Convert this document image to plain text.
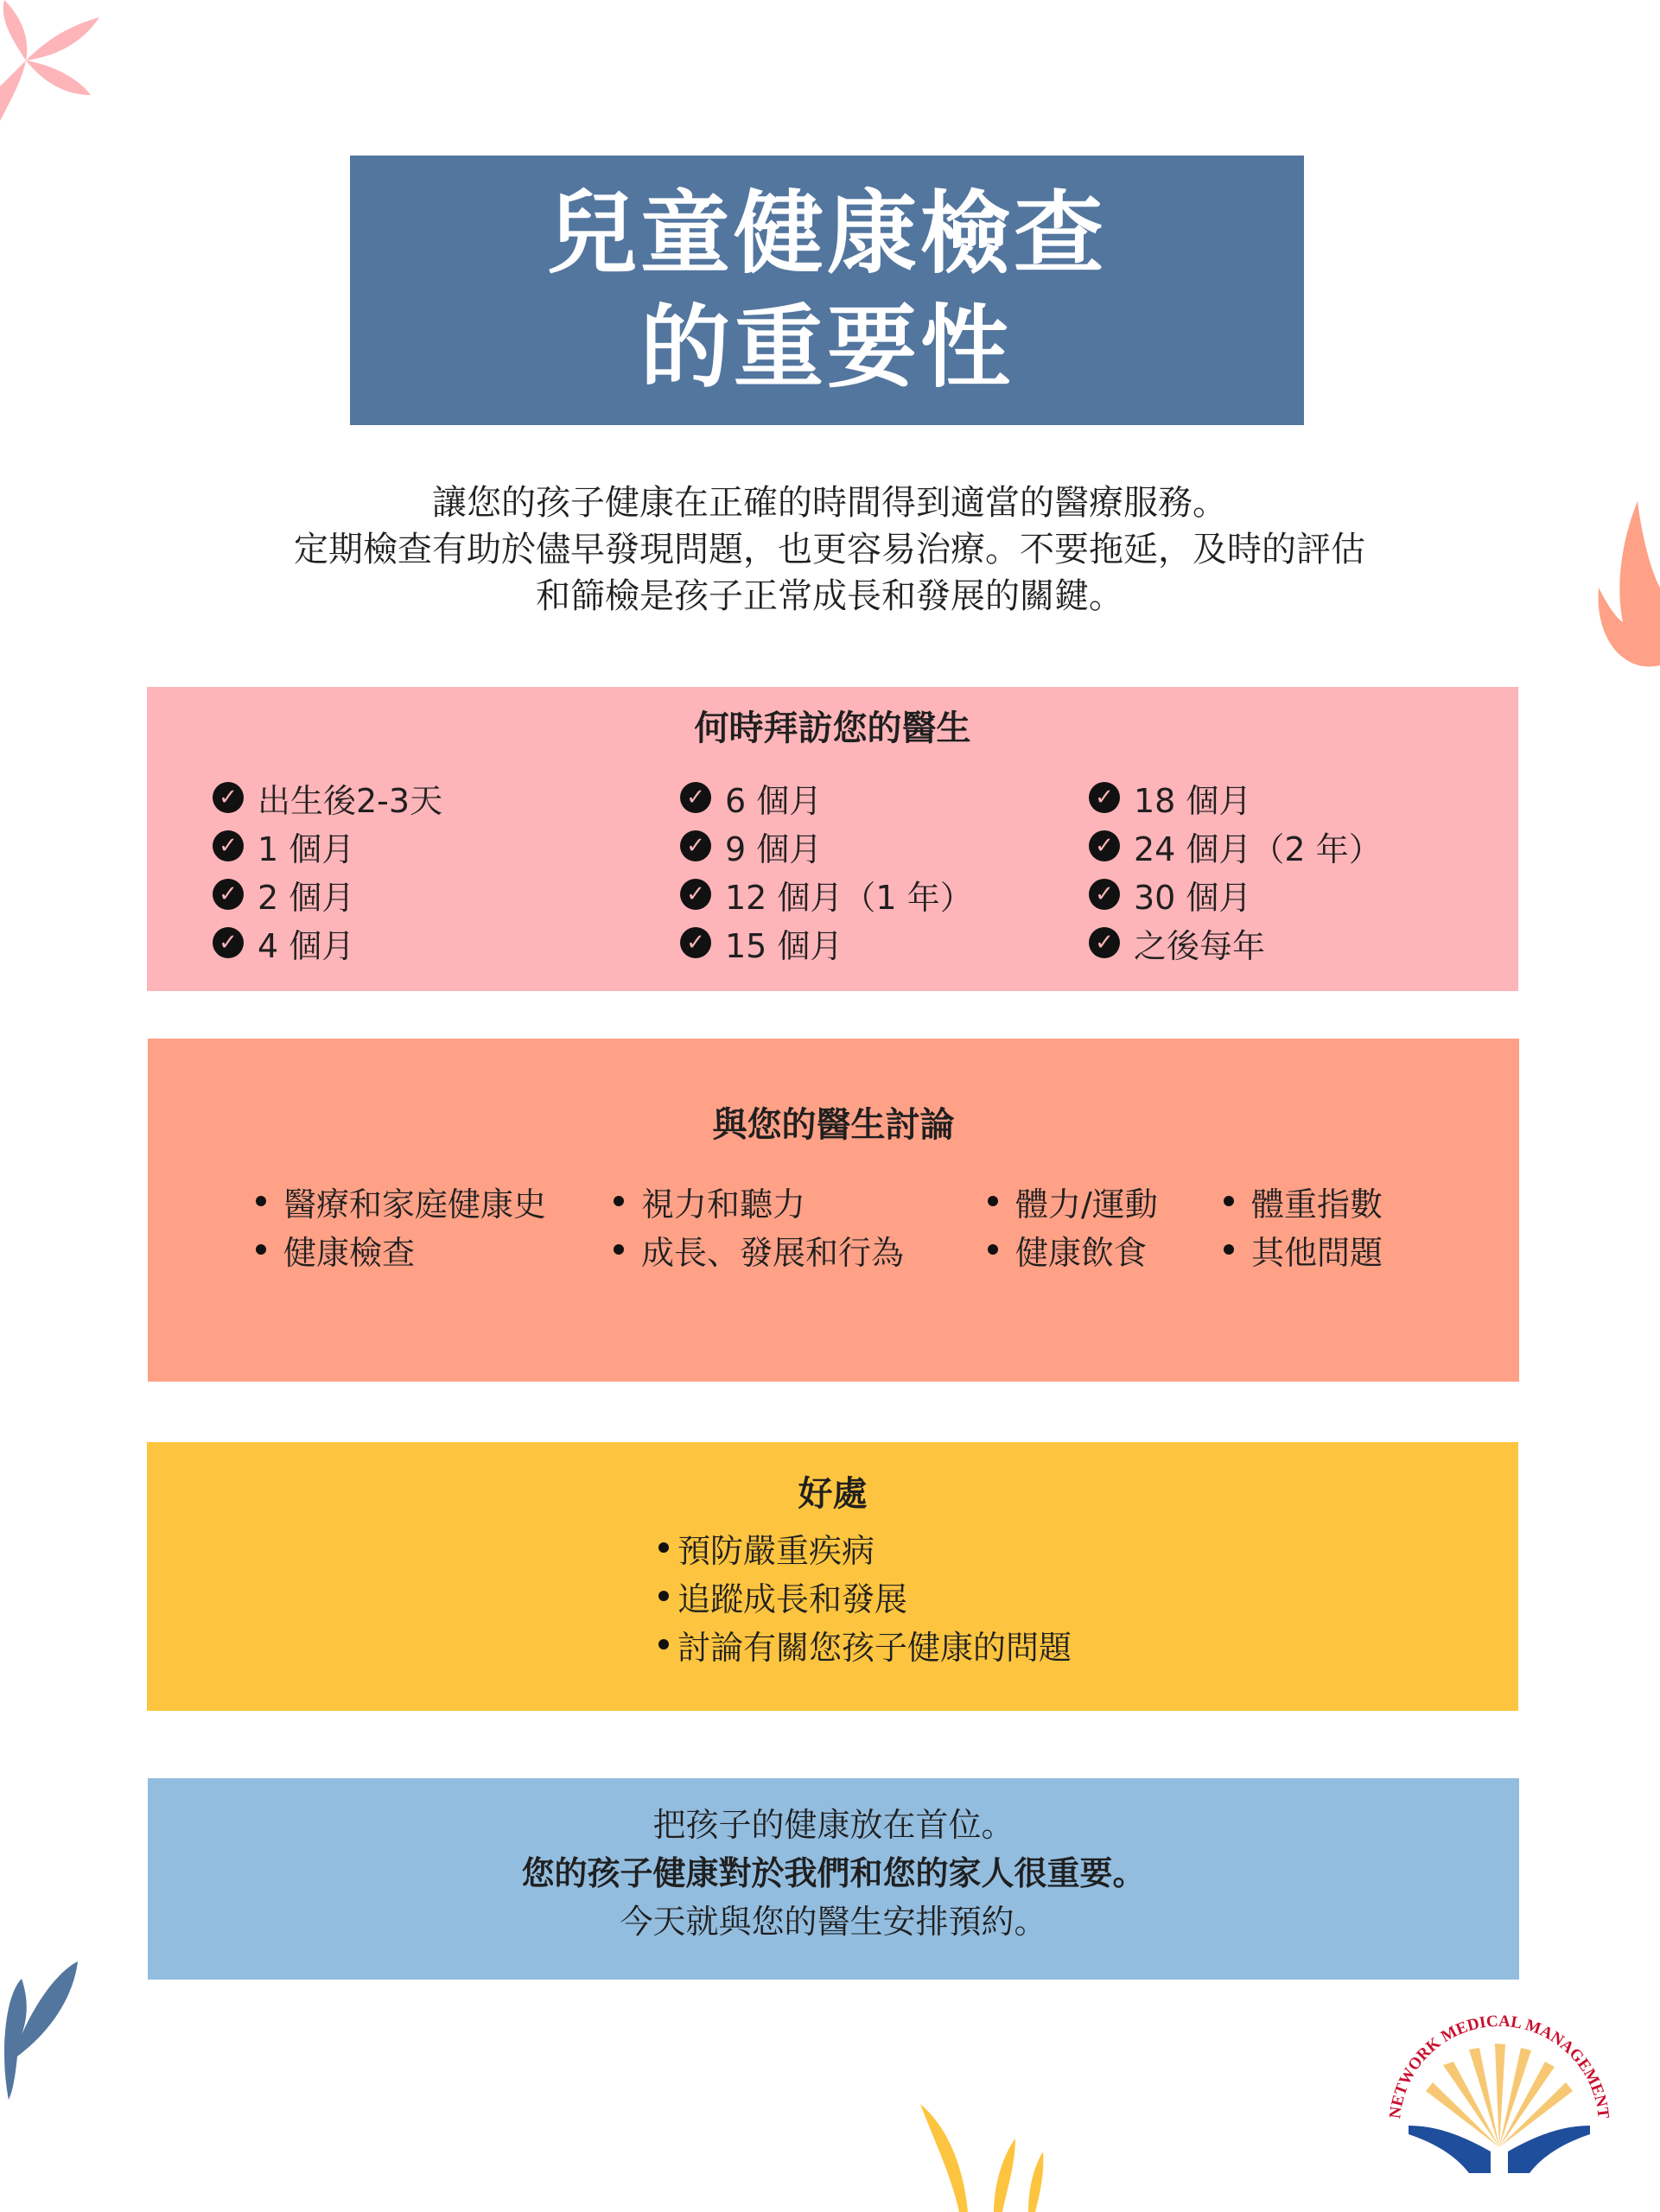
兒童健康檢查
的重要性
讓您的孩子健康在正確的時間得到適當的醫療服務。
定期檢查有助於儘早發現問題，也更容易治療。不要拖延，及時的評估
和篩檢是孩子正常成長和發展的關鍵。
何時拜訪您的醫生
✓ 出生後2-3天
✓ 1 個月
✓ 2 個月
✓ 4 個月
✓ 6 個月
✓ 9 個月
✓ 12 個月（1 年）
✓ 15 個月
✓ 18 個月
✓ 24 個月（2 年）
✓ 30 個月
✓ 之後每年
與您的醫生討論
醫療和家庭健康史
健康檢查
視力和聽力
成長、發展和行為
體力/運動
健康飲食
體重指數
其他問題
好處
預防嚴重疾病
追蹤成長和發展
討論有關您孩子健康的問題
把孩子的健康放在首位。
您的孩子健康對於我們和您的家人很重要。
今天就與您的醫生安排預約。
NETWORK MEDICAL MANAGEMENT
